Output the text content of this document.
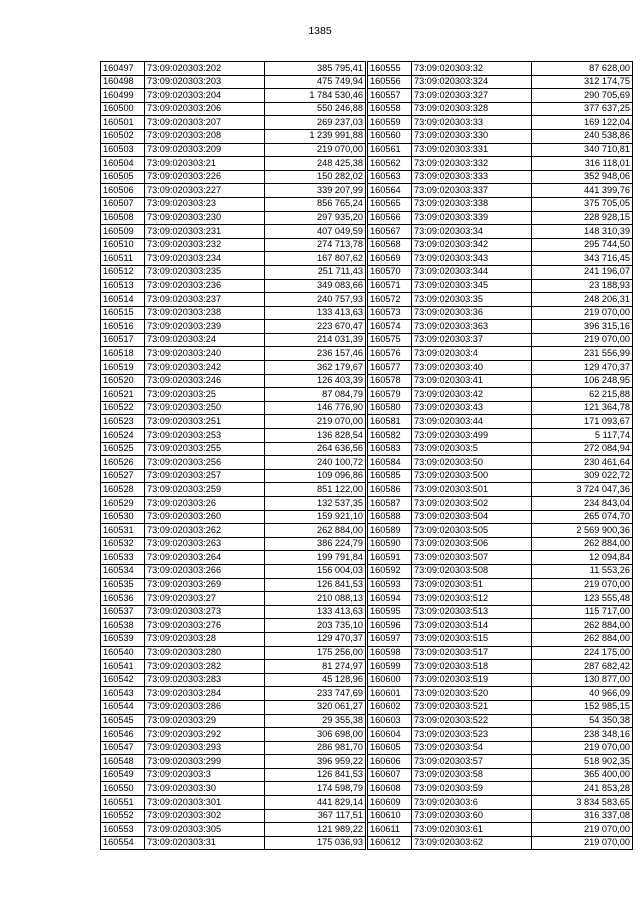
1385
160497	73:09:020303:202	385 795,41
160498	73:09:020303:203	475 749,94
160499	73:09:020303:204	1 784 530,46
160500	73:09:020303:206	550 246,88
160501	73:09:020303:207	269 237,03
160502	73:09:020303:208	1 239 991,88
160503	73:09:020303:209	219 070,00
160504	73:09:020303:21	248 425,38
160505	73:09:020303:226	150 282,02
160506	73:09:020303:227	339 207,99
160507	73:09:020303:23	856 765,24
160508	73:09:020303:230	297 935,20
160509	73:09:020303:231	407 049,59
160510	73:09:020303:232	274 713,78
160511	73:09:020303:234	167 807,62
160512	73:09:020303:235	251 711,43
160513	73:09:020303:236	349 083,66
160514	73:09:020303:237	240 757,93
160515	73:09:020303:238	133 413,63
160516	73:09:020303:239	223 670,47
160517	73:09:020303:24	214 031,39
160518	73:09:020303:240	236 157,46
160519	73:09:020303:242	362 179,67
160520	73:09:020303:246	126 403,39
160521	73:09:020303:25	87 084,79
160522	73:09:020303:250	146 776,90
160523	73:09:020303:251	219 070,00
160524	73:09:020303:253	136 828,54
160525	73:09:020303:255	264 636,56
160526	73:09:020303:256	240 100,72
160527	73:09:020303:257	109 096,86
160528	73:09:020303:259	851 122,00
160529	73:09:020303:26	132 537,35
160530	73:09:020303:260	159 921,10
160531	73:09:020303:262	262 884,00
160532	73:09:020303:263	386 224,79
160533	73:09:020303:264	199 791,84
160534	73:09:020303:266	156 004,03
160535	73:09:020303:269	126 841,53
160536	73:09:020303:27	210 088,13
160537	73:09:020303:273	133 413,63
160538	73:09:020303:276	203 735,10
160539	73:09:020303:28	129 470,37
160540	73:09:020303:280	175 256,00
160541	73:09:020303:282	81 274,97
160542	73:09:020303:283	45 128,96
160543	73:09:020303:284	233 747,69
160544	73:09:020303:286	320 061,27
160545	73:09:020303:29	29 355,38
160546	73:09:020303:292	306 698,00
160547	73:09:020303:293	286 981,70
160548	73:09:020303:299	396 959,22
160549	73:09:020303:3	126 841,53
160550	73:09:020303:30	174 598,79
160551	73:09:020303:301	441 829,14
160552	73:09:020303:302	367 117,51
160553	73:09:020303:305	121 989,22
160554	73:09:020303:31	175 036,93
160555	73:09:020303:32	87 628,00
160556	73:09:020303:324	312 174,75
160557	73:09:020303:327	290 705,69
160558	73:09:020303:328	377 637,25
160559	73:09:020303:33	169 122,04
160560	73:09:020303:330	240 538,86
160561	73:09:020303:331	340 710,81
160562	73:09:020303:332	316 118,01
160563	73:09:020303:333	352 948,06
160564	73:09:020303:337	441 399,76
160565	73:09:020303:338	375 705,05
160566	73:09:020303:339	228 928,15
160567	73:09:020303:34	148 310,39
160568	73:09:020303:342	295 744,50
160569	73:09:020303:343	343 716,45
160570	73:09:020303:344	241 196,07
160571	73:09:020303:345	23 188,93
160572	73:09:020303:35	248 206,31
160573	73:09:020303:36	219 070,00
160574	73:09:020303:363	396 315,16
160575	73:09:020303:37	219 070,00
160576	73:09:020303:4	231 556,99
160577	73:09:020303:40	129 470,37
160578	73:09:020303:41	106 248,95
160579	73:09:020303:42	62 215,88
160580	73:09:020303:43	121 364,78
160581	73:09:020303:44	171 093,67
160582	73:09:020303:499	5 117,74
160583	73:09:020303:5	272 084,94
160584	73:09:020303:50	230 461,64
160585	73:09:020303:500	309 022,72
160586	73:09:020303:501	3 724 047,36
160587	73:09:020303:502	234 843,04
160588	73:09:020303:504	265 074,70
160589	73:09:020303:505	2 569 900,36
160590	73:09:020303:506	262 884,00
160591	73:09:020303:507	12 094,84
160592	73:09:020303:508	11 553,26
160593	73:09:020303:51	219 070,00
160594	73:09:020303:512	123 555,48
160595	73:09:020303:513	115 717,00
160596	73:09:020303:514	262 884,00
160597	73:09:020303:515	262 884,00
160598	73:09:020303:517	224 175,00
160599	73:09:020303:518	287 682,42
160600	73:09:020303:519	130 877,00
160601	73:09:020303:520	40 966,09
160602	73:09:020303:521	152 985,15
160603	73:09:020303:522	54 350,38
160604	73:09:020303:523	238 348,16
160605	73:09:020303:54	219 070,00
160606	73:09:020303:57	518 902,35
160607	73:09:020303:58	365 400,00
160608	73:09:020303:59	241 853,28
160609	73:09:020303:6	3 834 583,65
160610	73:09:020303:60	316 337,08
160611	73:09:020303:61	219 070,00
160612	73:09:020303:62	219 070,00
